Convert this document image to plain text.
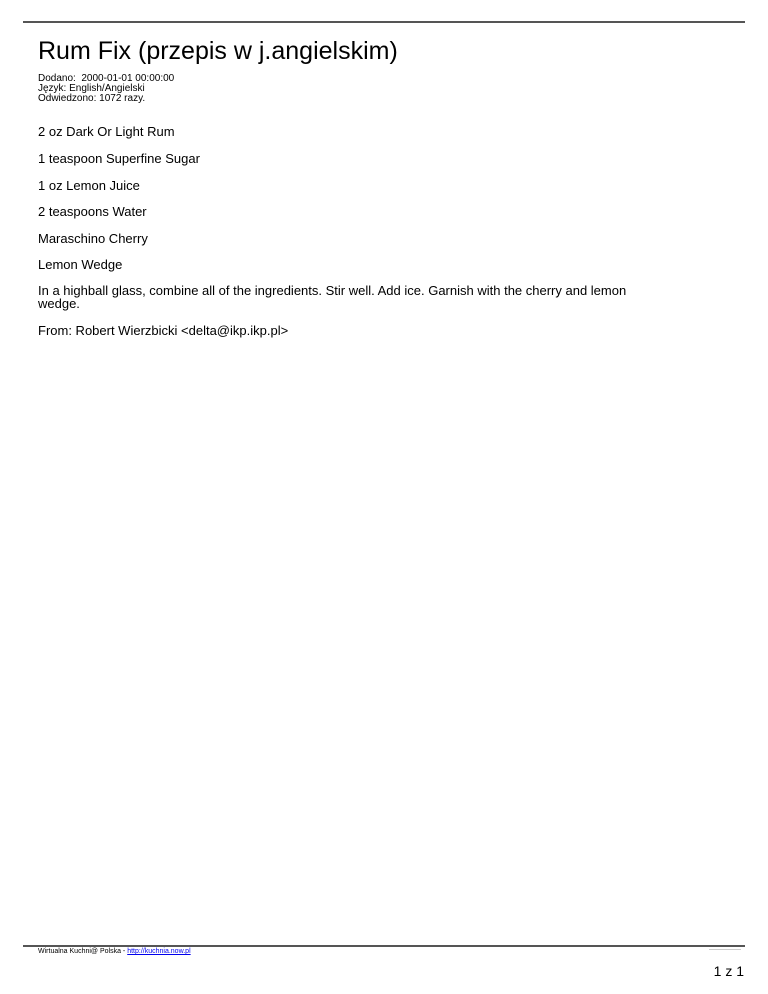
Rum Fix (przepis w j.angielskim)
Dodano:  2000-01-01 00:00:00
Język: English/Angielski
Odwiedzono: 1072 razy.

2 oz Dark Or Light Rum

1 teaspoon Superfine Sugar

1 oz Lemon Juice

2 teaspoons Water

Maraschino Cherry

Lemon Wedge

In a highball glass, combine all of the ingredients. Stir well. Add ice. Garnish with the cherry and lemon wedge.

From: Robert Wierzbicki <delta@ikp.ikp.pl>

Wirtualna Kuchni@ Polska - http://kuchnia.now.pl
1 z 1
